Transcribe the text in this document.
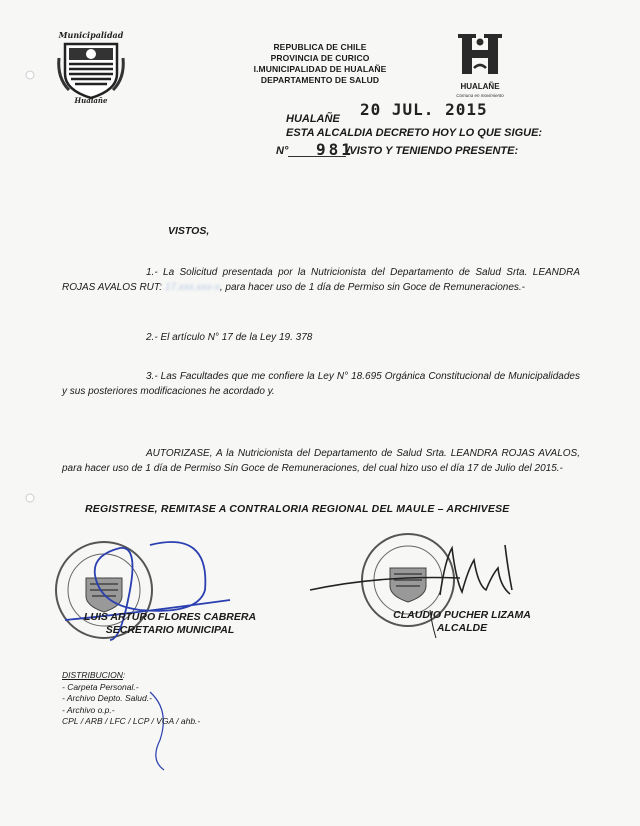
Municipalidad
Hualañe
REPUBLICA DE CHILE
PROVINCIA DE CURICO
I.MUNICIPALIDAD DE HUALAÑE
DEPARTAMENTO DE SALUD
HUALAÑE
Comuna en movimiento
20 JUL. 2015
HUALAÑE
ESTA ALCALDIA DECRETO HOY LO QUE SIGUE:
N°	/VISTO Y TENIENDO PRESENTE:
981
VISTOS,
1.- La Solicitud presentada por la Nutricionista del Departamento de Salud Srta. LEANDRA ROJAS AVALOS RUT: 17.xxx.xxx-x, para hacer uso de 1 día de Permiso sin Goce de Remuneraciones.-
2.- El artículo N° 17 de la Ley 19. 378
3.- Las Facultades que me confiere la Ley N° 18.695 Orgánica Constitucional de Municipalidades y sus posteriores modificaciones he acordado y.
AUTORIZASE, A la Nutricionista del Departamento de Salud Srta. LEANDRA ROJAS AVALOS, para hacer uso de 1 día de Permiso Sin Goce de Remuneraciones, del cual hizo uso el día 17 de Julio del 2015.-
REGISTRESE, REMITASE A CONTRALORIA REGIONAL DEL MAULE – ARCHIVESE
LUIS ARTURO FLORES CABRERA
SECRETARIO MUNICIPAL
CLAUDIO PUCHER LIZAMA
ALCALDE
DISTRIBUCION:
- Carpeta Personal.-
- Archivo Depto. Salud.-
- Archivo o.p.-
CPL / ARB / LFC / LCP / VGA / ahb.-
